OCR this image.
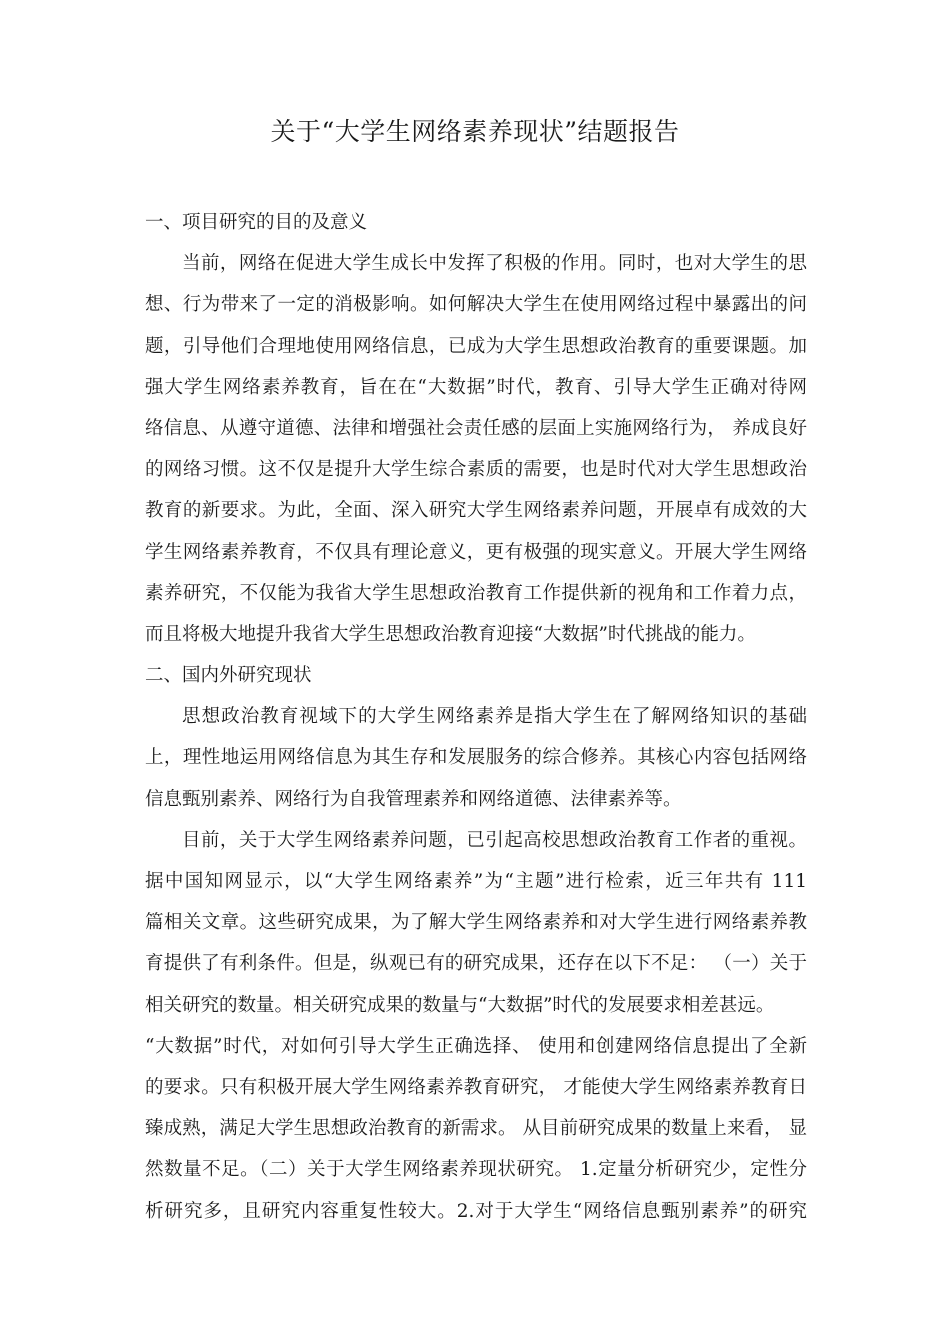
关于“大学生网络素养现状”结题报告
一、项目研究的目的及意义
当前，网络在促进大学生成长中发挥了积极的作用。同时，也对大学生的思
想、行为带来了一定的消极影响。如何解决大学生在使用网络过程中暴露出的问
题，引导他们合理地使用网络信息，已成为大学生思想政治教育的重要课题。加
强大学生网络素养教育，旨在在“大数据”时代，教育、引导大学生正确对待网
络信息、从遵守道德、法律和增强社会责任感的层面上实施网络行为， 养成良好
的网络习惯。这不仅是提升大学生综合素质的需要，也是时代对大学生思想政治
教育的新要求。为此，全面、深入研究大学生网络素养问题，开展卓有成效的大
学生网络素养教育，不仅具有理论意义，更有极强的现实意义。开展大学生网络
素养研究，不仅能为我省大学生思想政治教育工作提供新的视角和工作着力点，
而且将极大地提升我省大学生思想政治教育迎接“大数据”时代挑战的能力。
二、国内外研究现状
思想政治教育视域下的大学生网络素养是指大学生在了解网络知识的基础
上，理性地运用网络信息为其生存和发展服务的综合修养。其核心内容包括网络
信息甄别素养、网络行为自我管理素养和网络道德、法律素养等。
目前，关于大学生网络素养问题，已引起高校思想政治教育工作者的重视。
据中国知网显示，以“大学生网络素养”为“主题”进行检索，近三年共有 111
篇相关文章。这些研究成果，为了解大学生网络素养和对大学生进行网络素养教
育提供了有利条件。但是，纵观已有的研究成果，还存在以下不足： （一）关于
相关研究的数量。相关研究成果的数量与“大数据”时代的发展要求相差甚远。
“大数据”时代，对如何引导大学生正确选择、 使用和创建网络信息提出了全新
的要求。只有积极开展大学生网络素养教育研究， 才能使大学生网络素养教育日
臻成熟，满足大学生思想政治教育的新需求。 从目前研究成果的数量上来看， 显
然数量不足。（二）关于大学生网络素养现状研究。 1.定量分析研究少，定性分
析研究多，且研究内容重复性较大。2.对于大学生“网络信息甄别素养”的研究
